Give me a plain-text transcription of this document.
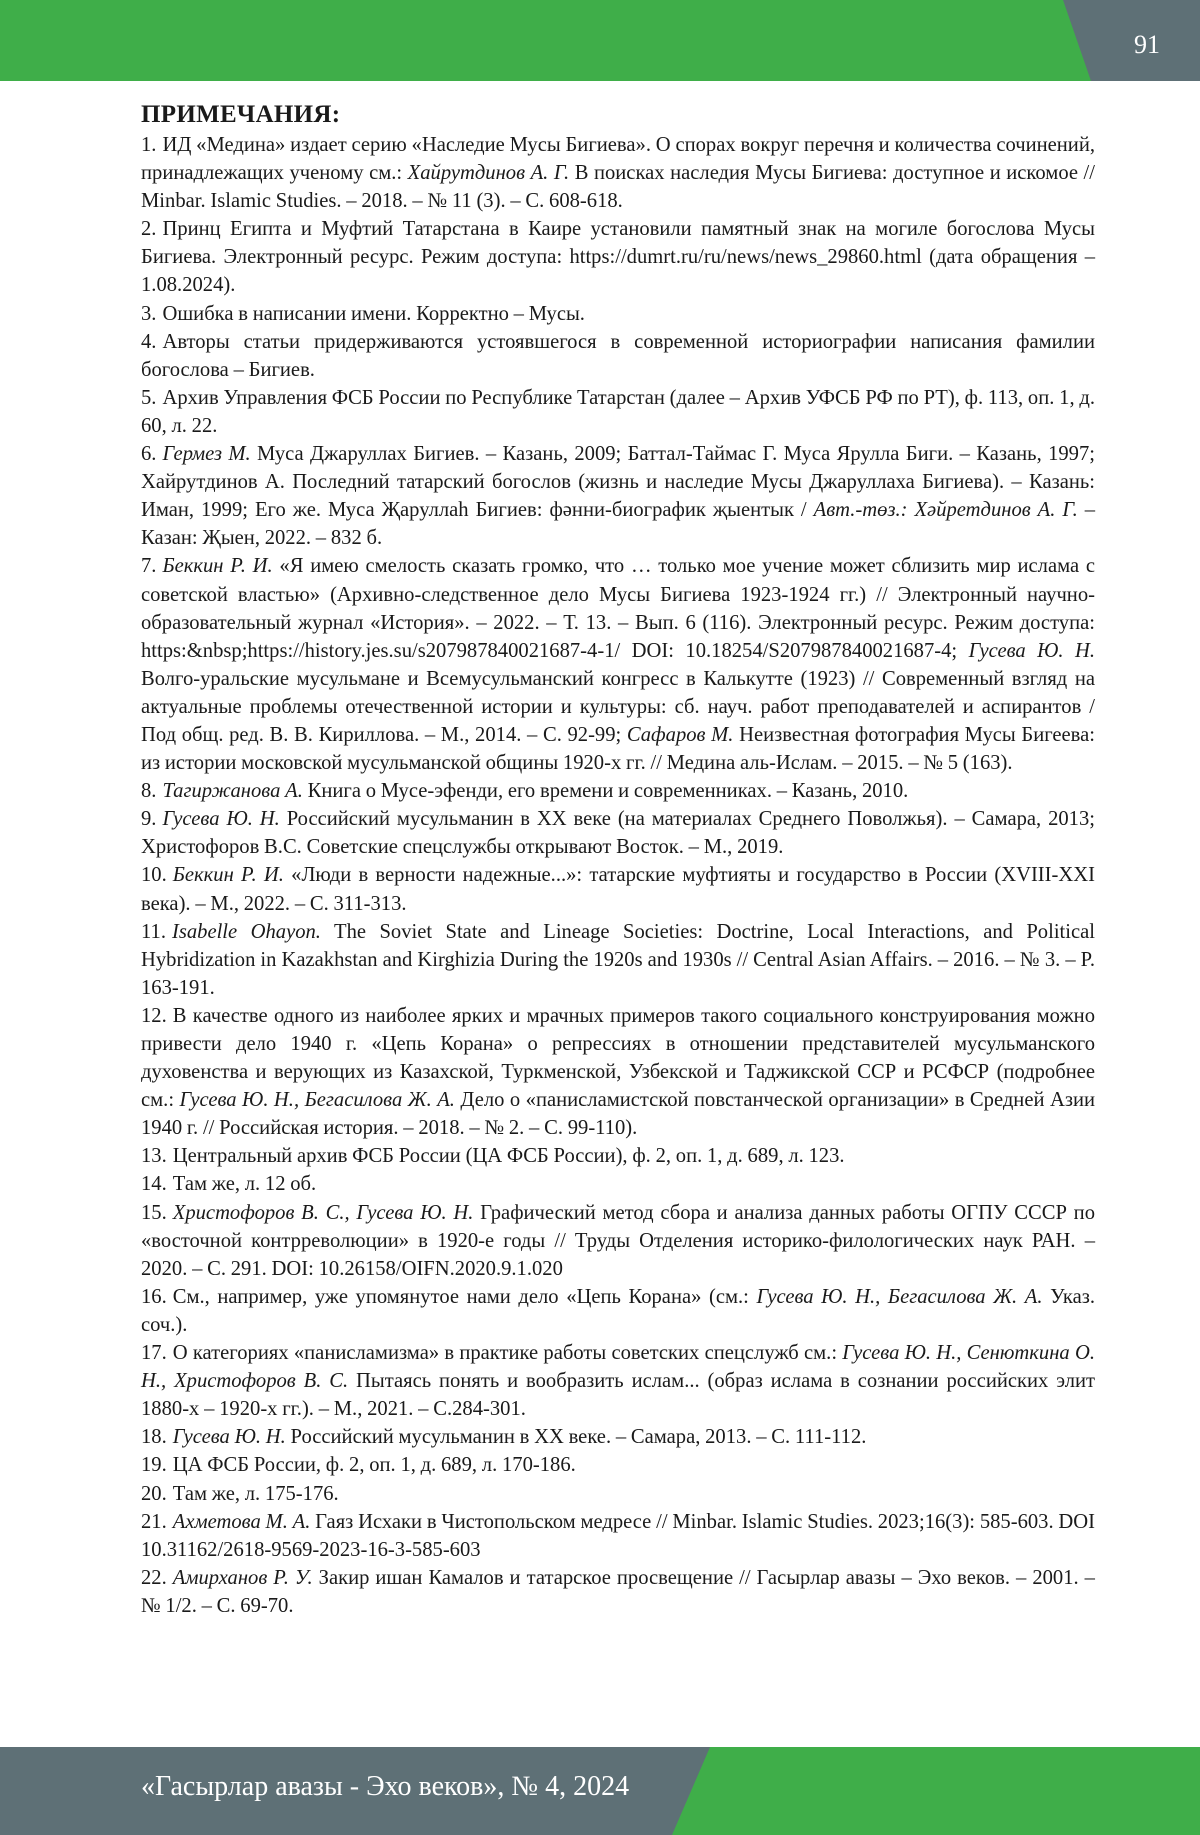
91
ПРИМЕЧАНИЯ:
1. ИД «Медина» издает серию «Наследие Мусы Бигиева». О спорах вокруг перечня и количества сочинений, принадлежащих ученому см.: Хайрутдинов А. Г. В поисках наследия Мусы Бигиева: доступное и искомое // Minbar. Islamic Studies. – 2018. – № 11 (3). – С. 608-618.
2. Принц Египта и Муфтий Татарстана в Каире установили памятный знак на могиле богослова Мусы Бигиева. Электронный ресурс. Режим доступа: https://dumrt.ru/ru/news/news_29860.html (дата обращения – 1.08.2024).
3. Ошибка в написании имени. Корректно – Мусы.
4. Авторы статьи придерживаются устоявшегося в современной историографии написания фамилии богослова – Бигиев.
5. Архив Управления ФСБ России по Республике Татарстан (далее – Архив УФСБ РФ по РТ), ф. 113, оп. 1, д. 60, л. 22.
6. Гермез М. Муса Джаруллах Бигиев. – Казань, 2009; Баттал-Таймас Г. Муса Ярулла Биги. – Казань, 1997; Хайрутдинов А. Последний татарский богослов (жизнь и наследие Мусы Джаруллаха Бигиева). – Казань: Иман, 1999; Его же. Муса Җаруллаһ Бигиев: фәнни-биографик җыентык / Авт.-төз.: Хәйретдинов А. Г. – Казан: Җыен, 2022. – 832 б.
7. Беккин Р. И. «Я имею смелость сказать громко, что … только мое учение может сблизить мир ислама с советской властью» (Архивно-следственное дело Мусы Бигиева 1923-1924 гг.) // Электронный научно-образовательный журнал «История». – 2022. – Т. 13. – Вып. 6 (116). Электронный ресурс. Режим доступа: https:&nbsp;https://history.jes.su/s207987840021687-4-1/ DOI: 10.18254/S207987840021687-4; Гусева Ю. Н. Волго-уральские мусульмане и Всемусульманский конгресс в Калькутте (1923) // Современный взгляд на актуальные проблемы отечественной истории и культуры: сб. науч. работ преподавателей и аспирантов / Под общ. ред. В. В. Кириллова. – М., 2014. – С. 92-99; Сафаров М. Неизвестная фотография Мусы Бигеева: из истории московской мусульманской общины 1920-х гг. // Медина аль-Ислам. – 2015. – № 5 (163).
8. Тагиржанова А. Книга о Мусе-эфенди, его времени и современниках. – Казань, 2010.
9. Гусева Ю. Н. Российский мусульманин в XX веке (на материалах Среднего Поволжья). – Самара, 2013; Христофоров В.С. Советские спецслужбы открывают Восток. – М., 2019.
10. Беккин Р. И. «Люди в верности надежные...»: татарские муфтияты и государство в России (XVIII-XXI века). – М., 2022. – С. 311-313.
11. Isabelle Ohayon. The Soviet State and Lineage Societies: Doctrine, Local Interactions, and Political Hybridization in Kazakhstan and Kirghizia During the 1920s and 1930s // Central Asian Affairs. – 2016. – № 3. – P. 163-191.
12. В качестве одного из наиболее ярких и мрачных примеров такого социального конструирования можно привести дело 1940 г. «Цепь Корана» о репрессиях в отношении представителей мусульманского духовенства и верующих из Казахской, Туркменской, Узбекской и Таджикской ССР и РСФСР (подробнее см.: Гусева Ю. Н., Бегасилова Ж. А. Дело о «панисламистской повстанческой организации» в Средней Азии 1940 г. // Российская история. – 2018. – № 2. – С. 99-110).
13. Центральный архив ФСБ России (ЦА ФСБ России), ф. 2, оп. 1, д. 689, л. 123.
14. Там же, л. 12 об.
15. Христофоров В. С., Гусева Ю. Н. Графический метод сбора и анализа данных работы ОГПУ СССР по «восточной контрреволюции» в 1920-е годы // Труды Отделения историко-филологических наук РАН. – 2020. – С. 291. DOI: 10.26158/OIFN.2020.9.1.020
16. См., например, уже упомянутое нами дело «Цепь Корана» (см.: Гусева Ю. Н., Бегасилова Ж. А. Указ. соч.).
17. О категориях «панисламизма» в практике работы советских спецслужб см.: Гусева Ю. Н., Сенюткина О. Н., Христофоров В. С. Пытаясь понять и вообразить ислам... (образ ислама в сознании российских элит 1880-х – 1920-х гг.). – М., 2021. – С.284-301.
18. Гусева Ю. Н. Российский мусульманин в XX веке. – Самара, 2013. – С. 111-112.
19. ЦА ФСБ России, ф. 2, оп. 1, д. 689, л. 170-186.
20. Там же, л. 175-176.
21. Ахметова М. А. Гаяз Исхаки в Чистопольском медресе // Minbar. Islamic Studies. 2023;16(3): 585-603. DOI 10.31162/2618-9569-2023-16-3-585-603
22. Амирханов Р. У. Закир ишан Камалов и татарское просвещение // Гасырлар авазы – Эхо веков. – 2001. – № 1/2. – С. 69-70.
«Гасырлар авазы - Эхо веков», № 4, 2024
